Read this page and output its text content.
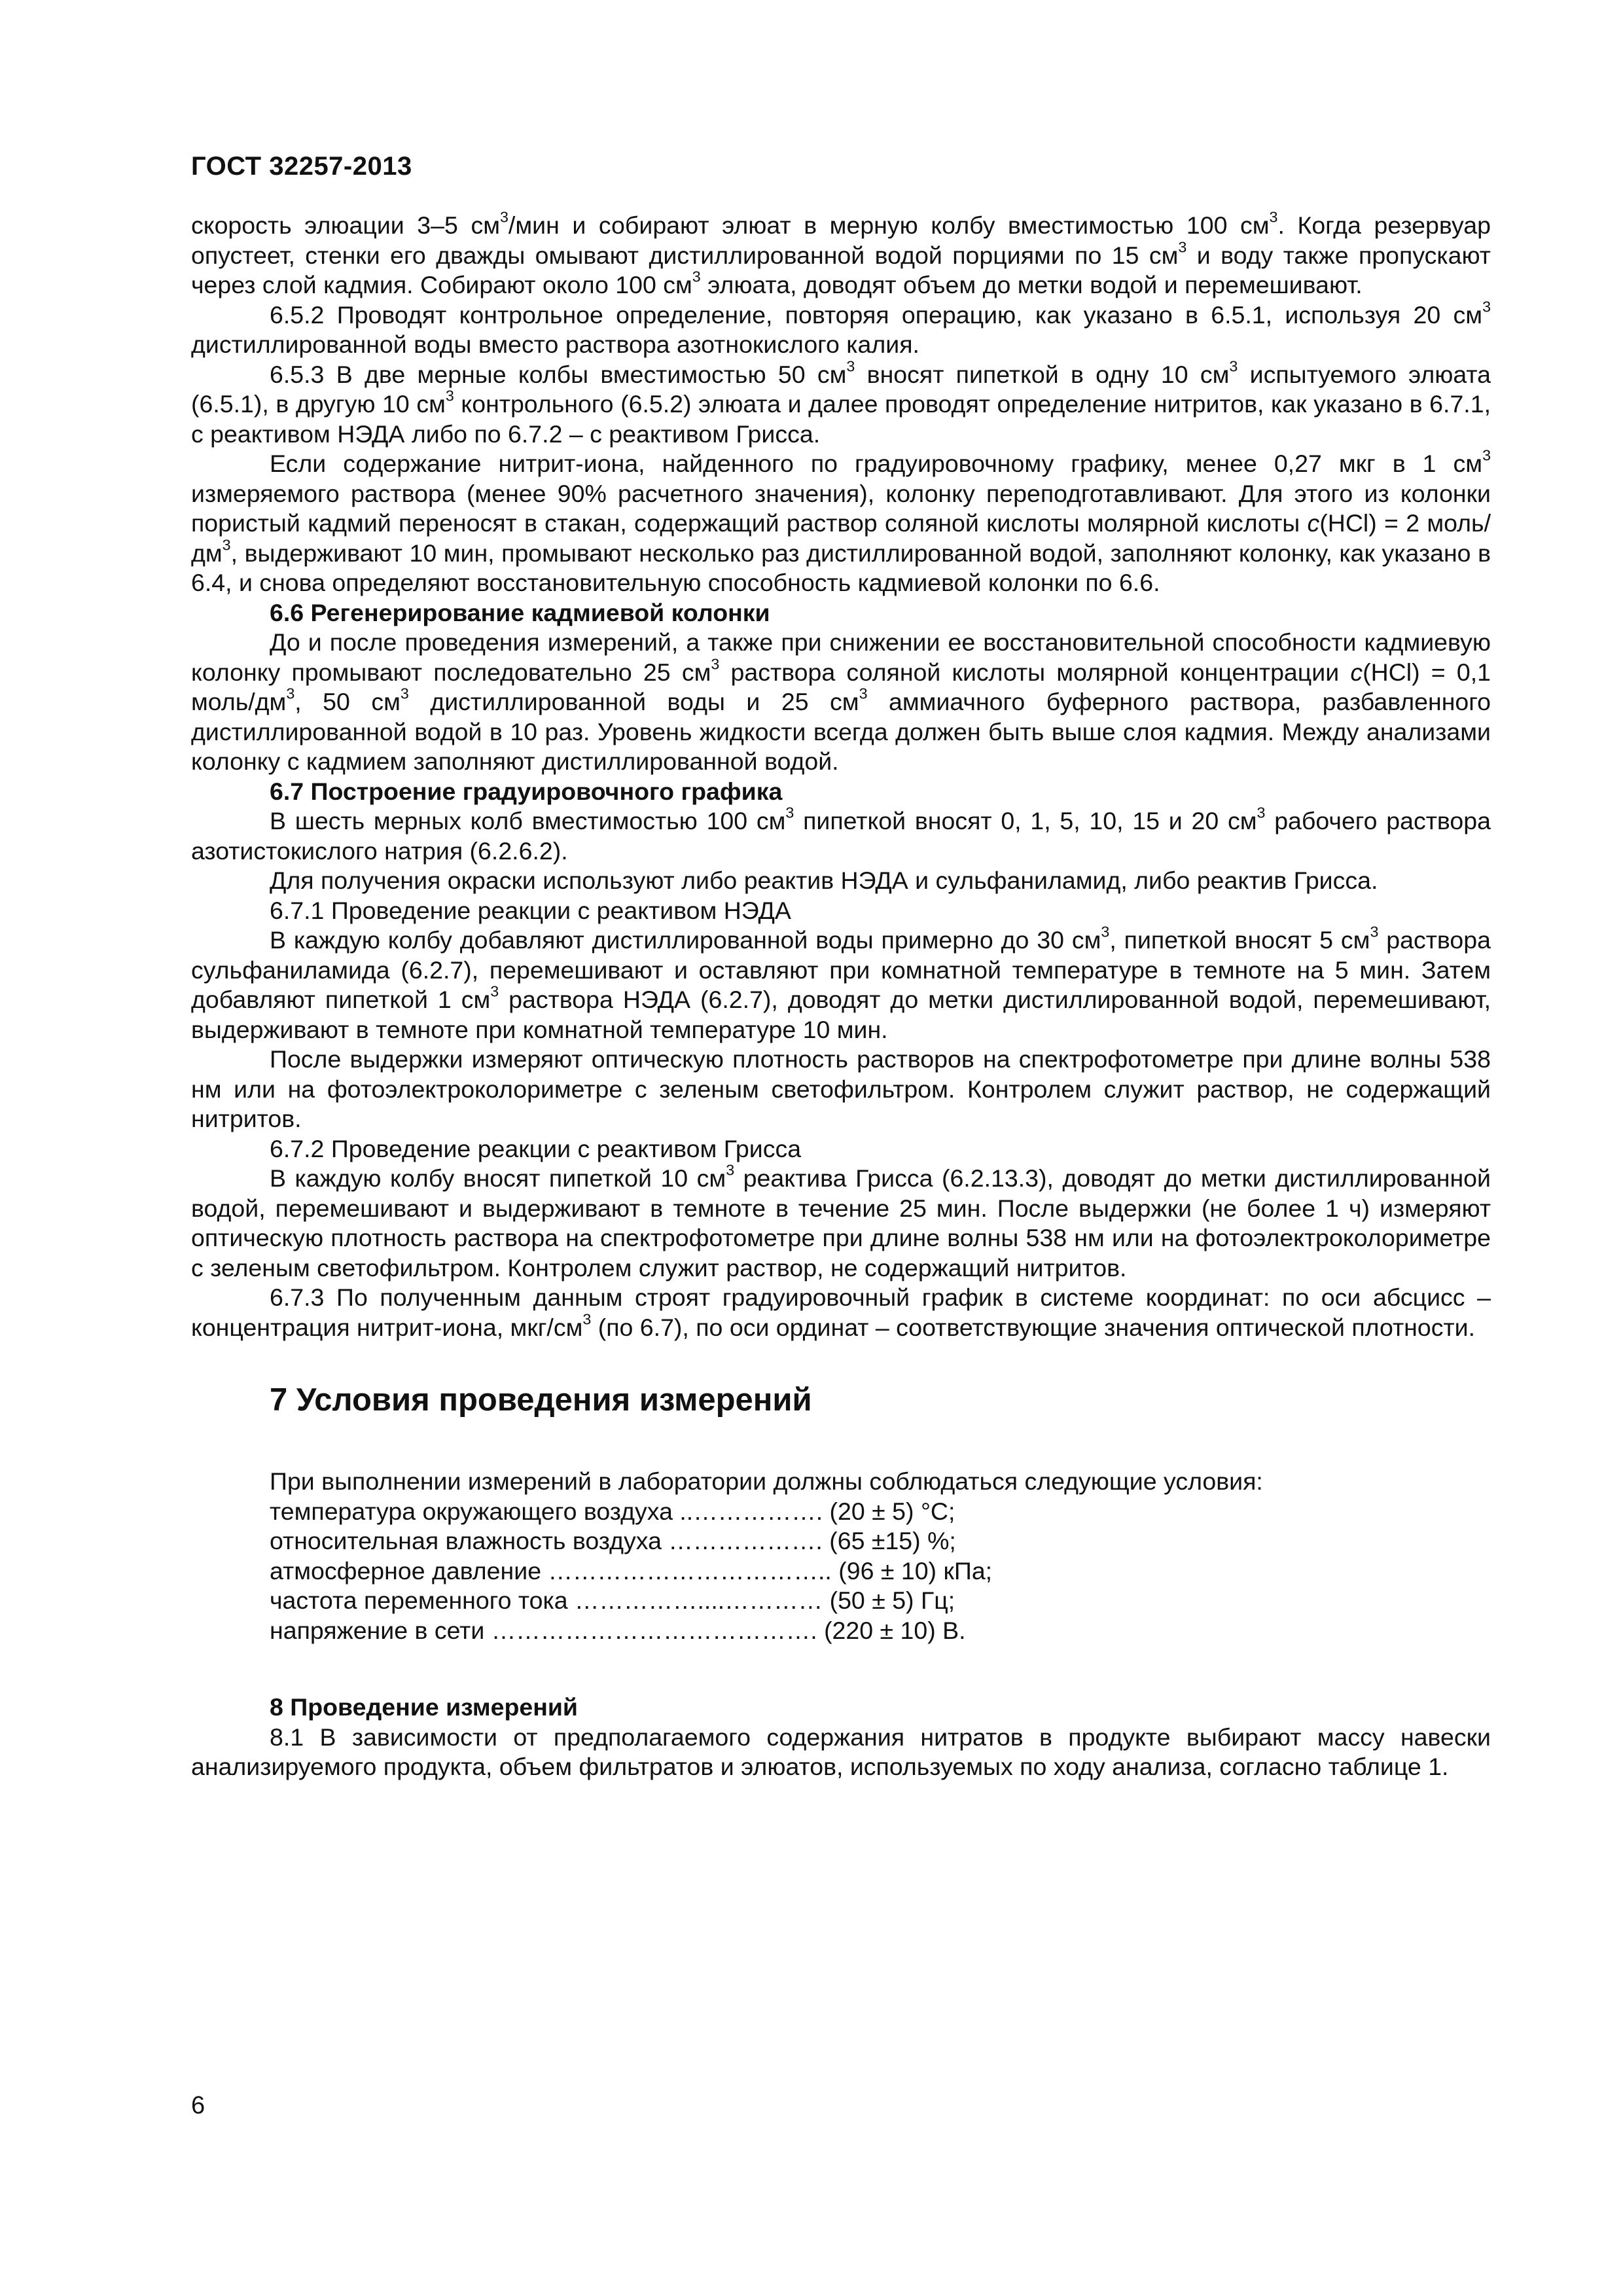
ГОСТ 32257-2013

скорость элюации 3–5 $см^3$/мин и собирают элюат в мерную колбу вместимостью 100 $см^3$. Когда резервуар опустеет, стенки его дважды омывают дистиллированной водой порциями по 15 $см^3$ и воду также пропускают через слой кадмия. Собирают около 100 $см^3$ элюата, доводят объем до метки водой и перемешивают.

6.5.2 Проводят контрольное определение, повторяя операцию, как указано в 6.5.1, используя 20 $см^3$ дистиллированной воды вместо раствора азотнокислого калия.

6.5.3 В две мерные колбы вместимостью 50 $см^3$ вносят пипеткой в одну 10 $см^3$ испытуемого элюата (6.5.1), в другую 10 $см^3$ контрольного (6.5.2) элюата и далее проводят определение нитритов, как указано в 6.7.1, с реактивом НЭДА либо по 6.7.2 – с реактивом Грисса.

Если содержание нитрит-иона, найденного по градуировочному графику, менее 0,27 мкг в 1 $см^3$ измеряемого раствора (менее 90% расчетного значения), колонку переподготавливают. Для этого из колонки пористый кадмий переносят в стакан, содержащий раствор соляной кислоты молярной кислоты c(HCl) = 2 моль/$дм^3$, выдерживают 10 мин, промывают несколько раз дистиллированной водой, заполняют колонку, как указано в 6.4, и снова определяют восстановительную способность кадмиевой колонки по 6.6.

6.6 Регенерирование кадмиевой колонки

До и после проведения измерений, а также при снижении ее восстановительной способности кадмиевую колонку промывают последовательно 25 $см^3$ раствора соляной кислоты молярной концентрации c(HCl) = 0,1 моль/$дм^3$, 50 $см^3$ дистиллированной воды и 25 $см^3$ аммиачного буферного раствора, разбавленного дистиллированной водой в 10 раз. Уровень жидкости всегда должен быть выше слоя кадмия. Между анализами колонку с кадмием заполняют дистиллированной водой.

6.7 Построение градуировочного графика

В шесть мерных колб вместимостью 100 $см^3$ пипеткой вносят 0, 1, 5, 10, 15 и 20 $см^3$ рабочего раствора азотистокислого натрия (6.2.6.2).

Для получения окраски используют либо реактив НЭДА и сульфаниламид, либо реактив Грисса.

6.7.1 Проведение реакции с реактивом НЭДА

В каждую колбу добавляют дистиллированной воды примерно до 30 $см^3$, пипеткой вносят 5 $см^3$ раствора сульфаниламида (6.2.7), перемешивают и оставляют при комнатной температуре в темноте на 5 мин. Затем добавляют пипеткой 1 $см^3$ раствора НЭДА (6.2.7), доводят до метки дистиллированной водой, перемешивают, выдерживают в темноте при комнатной температуре 10 мин.

После выдержки измеряют оптическую плотность растворов на спектрофотометре при длине волны 538 нм или на фотоэлектроколориметре с зеленым светофильтром. Контролем служит раствор, не содержащий нитритов.

6.7.2 Проведение реакции с реактивом Грисса

В каждую колбу вносят пипеткой 10 $см^3$ реактива Грисса (6.2.13.3), доводят до метки дистиллированной водой, перемешивают и выдерживают в темноте в течение 25 мин. После выдержки (не более 1 ч) измеряют оптическую плотность раствора на спектрофотометре при длине волны 538 нм или на фотоэлектроколориметре с зеленым светофильтром. Контролем служит раствор, не содержащий нитритов.

6.7.3 По полученным данным строят градуировочный график в системе координат: по оси абсцисс – концентрация нитрит-иона, мкг/$см^3$ (по 6.7), по оси ординат – соответствующие значения оптической плотности.

7 Условия проведения измерений

При выполнении измерений в лаборатории должны соблюдаться следующие условия:

температура окружающего воздуха ..……………. (20 ± 5) °С;

относительная влажность воздуха ………………. (65 ±15) %;

атмосферное давление …………………………….. (96 ± 10) кПа;

частота переменного тока ……………....………… (50 ± 5) Гц;

напряжение в сети …………………………………. (220 ± 10) В.

8 Проведение измерений

8.1 В зависимости от предполагаемого содержания нитратов в продукте выбирают массу навески анализируемого продукта, объем фильтратов и элюатов, используемых по ходу анализа, согласно таблице 1.

6
